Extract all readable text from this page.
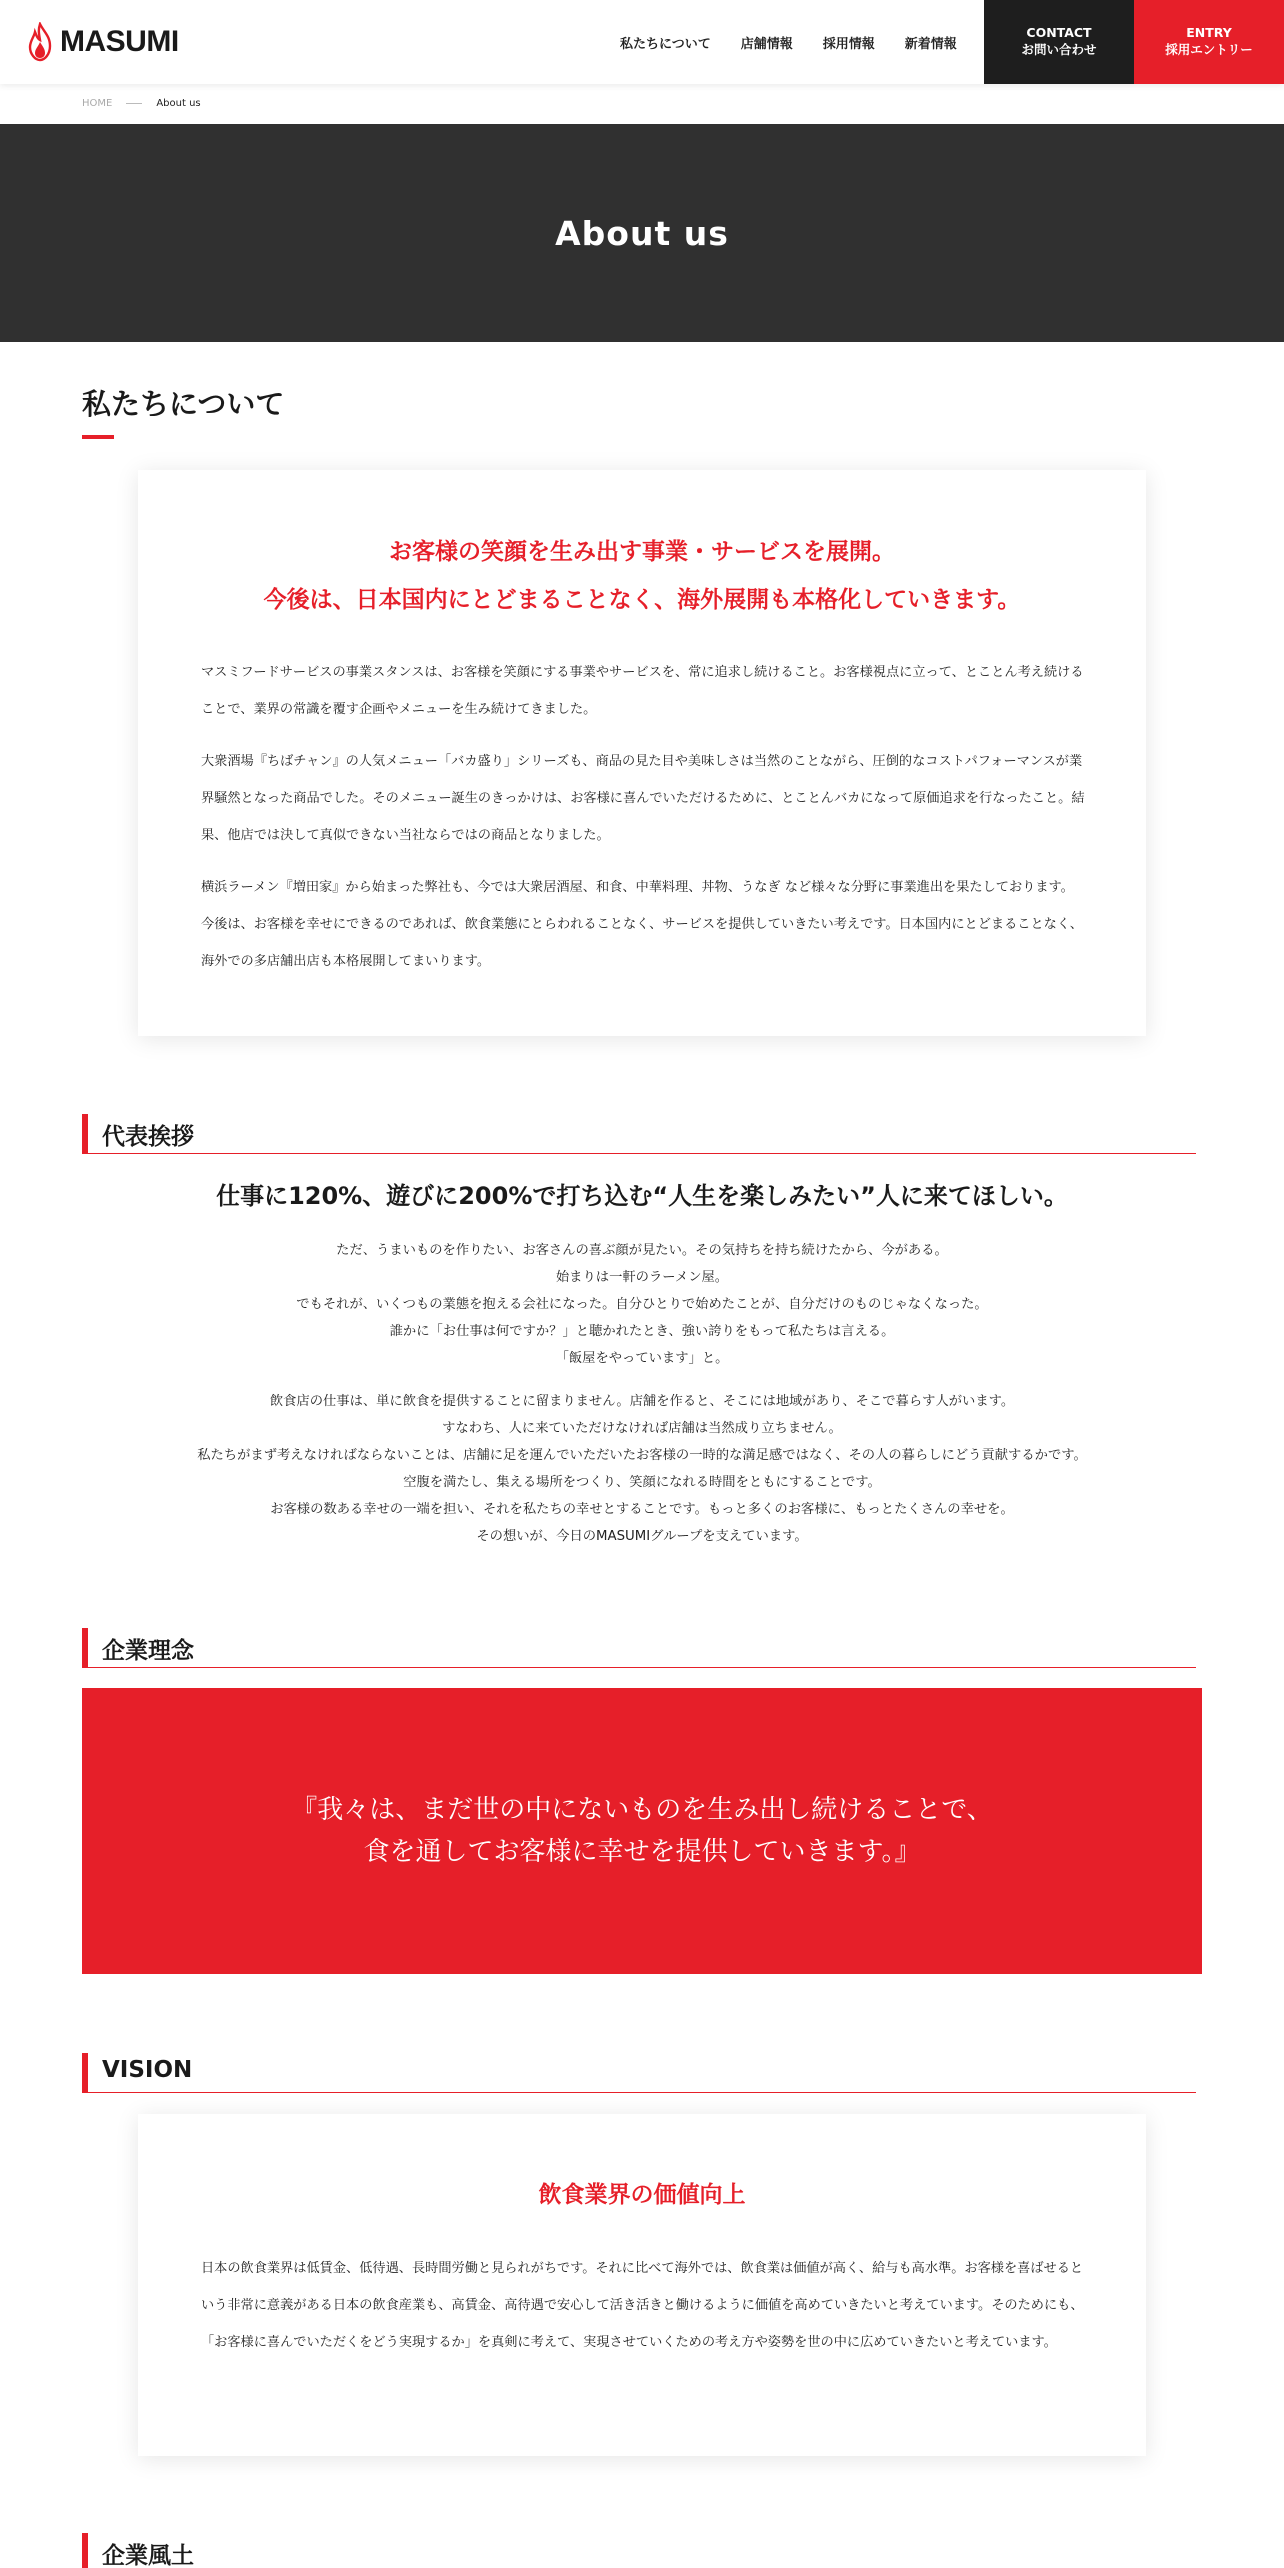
MASUMI	私たちについて 店舗情報 採用情報 新着情報
CONTACT
お問い合わせ
ENTRY
採用エントリー
HOME	About us
About us
私たちについて
お客様の笑顔を生み出す事業・サービスを展開。
今後は、日本国内にとどまることなく、海外展開も本格化していきます。

マスミフードサービスの事業スタンスは、お客様を笑顔にする事業やサービスを、常に追求し続けること。お客様視点に立って、とことん考え続けることで、業界の常識を覆す企画やメニューを生み続けてきました。

大衆酒場『ちばチャン』の人気メニュー「バカ盛り」シリーズも、商品の見た目や美味しさは当然のことながら、圧倒的なコストパフォーマンスが業界騒然となった商品でした。そのメニュー誕生のきっかけは、お客様に喜んでいただけるために、とことんバカになって原価追求を行なったこと。結果、他店では決して真似できない当社ならではの商品となりました。

横浜ラーメン『増田家』から始まった弊社も、今では大衆居酒屋、和食、中華料理、丼物、うなぎ など様々な分野に事業進出を果たしております。今後は、お客様を幸せにできるのであれば、飲食業態にとらわれることなく、サービスを提供していきたい考えです。日本国内にとどまることなく、海外での多店舗出店も本格展開してまいります。

代表挨拶
仕事に120%、遊びに200%で打ち込む“人生を楽しみたい”人に来てほしい。
ただ、うまいものを作りたい、お客さんの喜ぶ顔が見たい。その気持ちを持ち続けたから、今がある。
始まりは一軒のラーメン屋。
でもそれが、いくつもの業態を抱える会社になった。自分ひとりで始めたことが、自分だけのものじゃなくなった。
誰かに「お仕事は何ですか？」と聴かれたとき、強い誇りをもって私たちは言える。
「飯屋をやっています」と。
飲食店の仕事は、単に飲食を提供することに留まりません。店舗を作ると、そこには地域があり、そこで暮らす人がいます。
すなわち、人に来ていただけなければ店舗は当然成り立ちません。
私たちがまず考えなければならないことは、店舗に足を運んでいただいたお客様の一時的な満足感ではなく、その人の暮らしにどう貢献するかです。
空腹を満たし、集える場所をつくり、笑顔になれる時間をともにすることです。
お客様の数ある幸せの一端を担い、それを私たちの幸せとすることです。もっと多くのお客様に、もっとたくさんの幸せを。
その想いが、今日のMASUMIグループを支えています。
企業理念
『我々は、まだ世の中にないものを生み出し続けることで、
食を通してお客様に幸せを提供していきます。』
VISION
飲食業界の価値向上
日本の飲食業界は低賃金、低待遇、長時間労働と見られがちです。それに比べて海外では、飲食業は価値が高く、給与も高水準。お客様を喜ばせるという非常に意義がある日本の飲食産業も、高賃金、高待遇で安心して活き活きと働けるように価値を高めていきたいと考えています。そのためにも、「お客様に喜んでいただくをどう実現するか」を真剣に考えて、実現させていくための考え方や姿勢を世の中に広めていきたいと考えています。
企業風土
